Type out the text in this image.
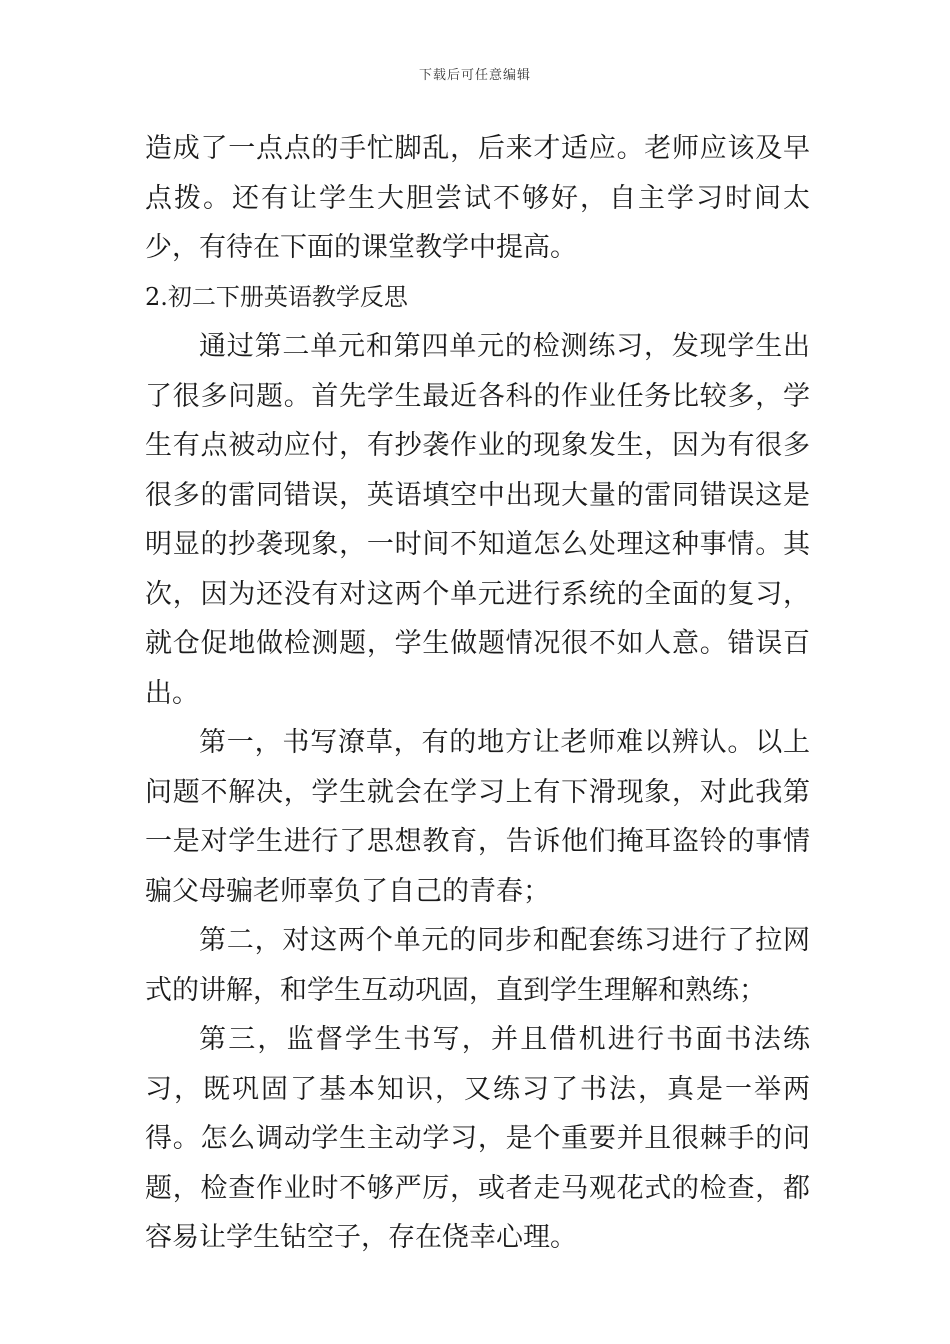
下载后可任意编辑

造成了一点点的手忙脚乱，后来才适应。老师应该及早点拨。还有让学生大胆尝试不够好，自主学习时间太少，有待在下面的课堂教学中提高。

2.初二下册英语教学反思

通过第二单元和第四单元的检测练习，发现学生出了很多问题。首先学生最近各科的作业任务比较多，学生有点被动应付，有抄袭作业的现象发生，因为有很多很多的雷同错误，英语填空中出现大量的雷同错误这是明显的抄袭现象，一时间不知道怎么处理这种事情。其次，因为还没有对这两个单元进行系统的全面的复习，就仓促地做检测题，学生做题情况很不如人意。错误百出。

第一，书写潦草，有的地方让老师难以辨认。以上问题不解决，学生就会在学习上有下滑现象，对此我第一是对学生进行了思想教育，告诉他们掩耳盗铃的事情骗父母骗老师辜负了自己的青春；

第二，对这两个单元的同步和配套练习进行了拉网式的讲解，和学生互动巩固，直到学生理解和熟练；

第三，监督学生书写，并且借机进行书面书法练习，既巩固了基本知识，又练习了书法，真是一举两得。怎么调动学生主动学习，是个重要并且很棘手的问题，检查作业时不够严厉，或者走马观花式的检查，都容易让学生钻空子，存在侥幸心理。
